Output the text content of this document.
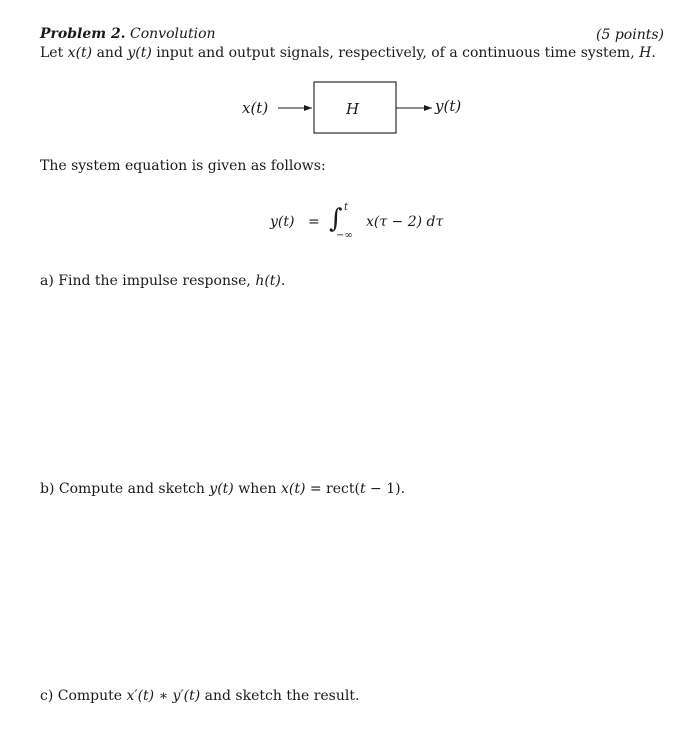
Problem 2. Convolution	(5 points)
Let x(t) and y(t) input and output signals, respectively, of a continuous time system, H.
x(t)	H	y(t)
The system equation is given as follows:
y(t) = ∫ t
−∞
x(τ − 2) dτ
a) Find the impulse response, h(t).
b) Compute and sketch y(t) when x(t) = rect(t − 1).
c) Compute x′(t) ∗ y′(t) and sketch the result.
